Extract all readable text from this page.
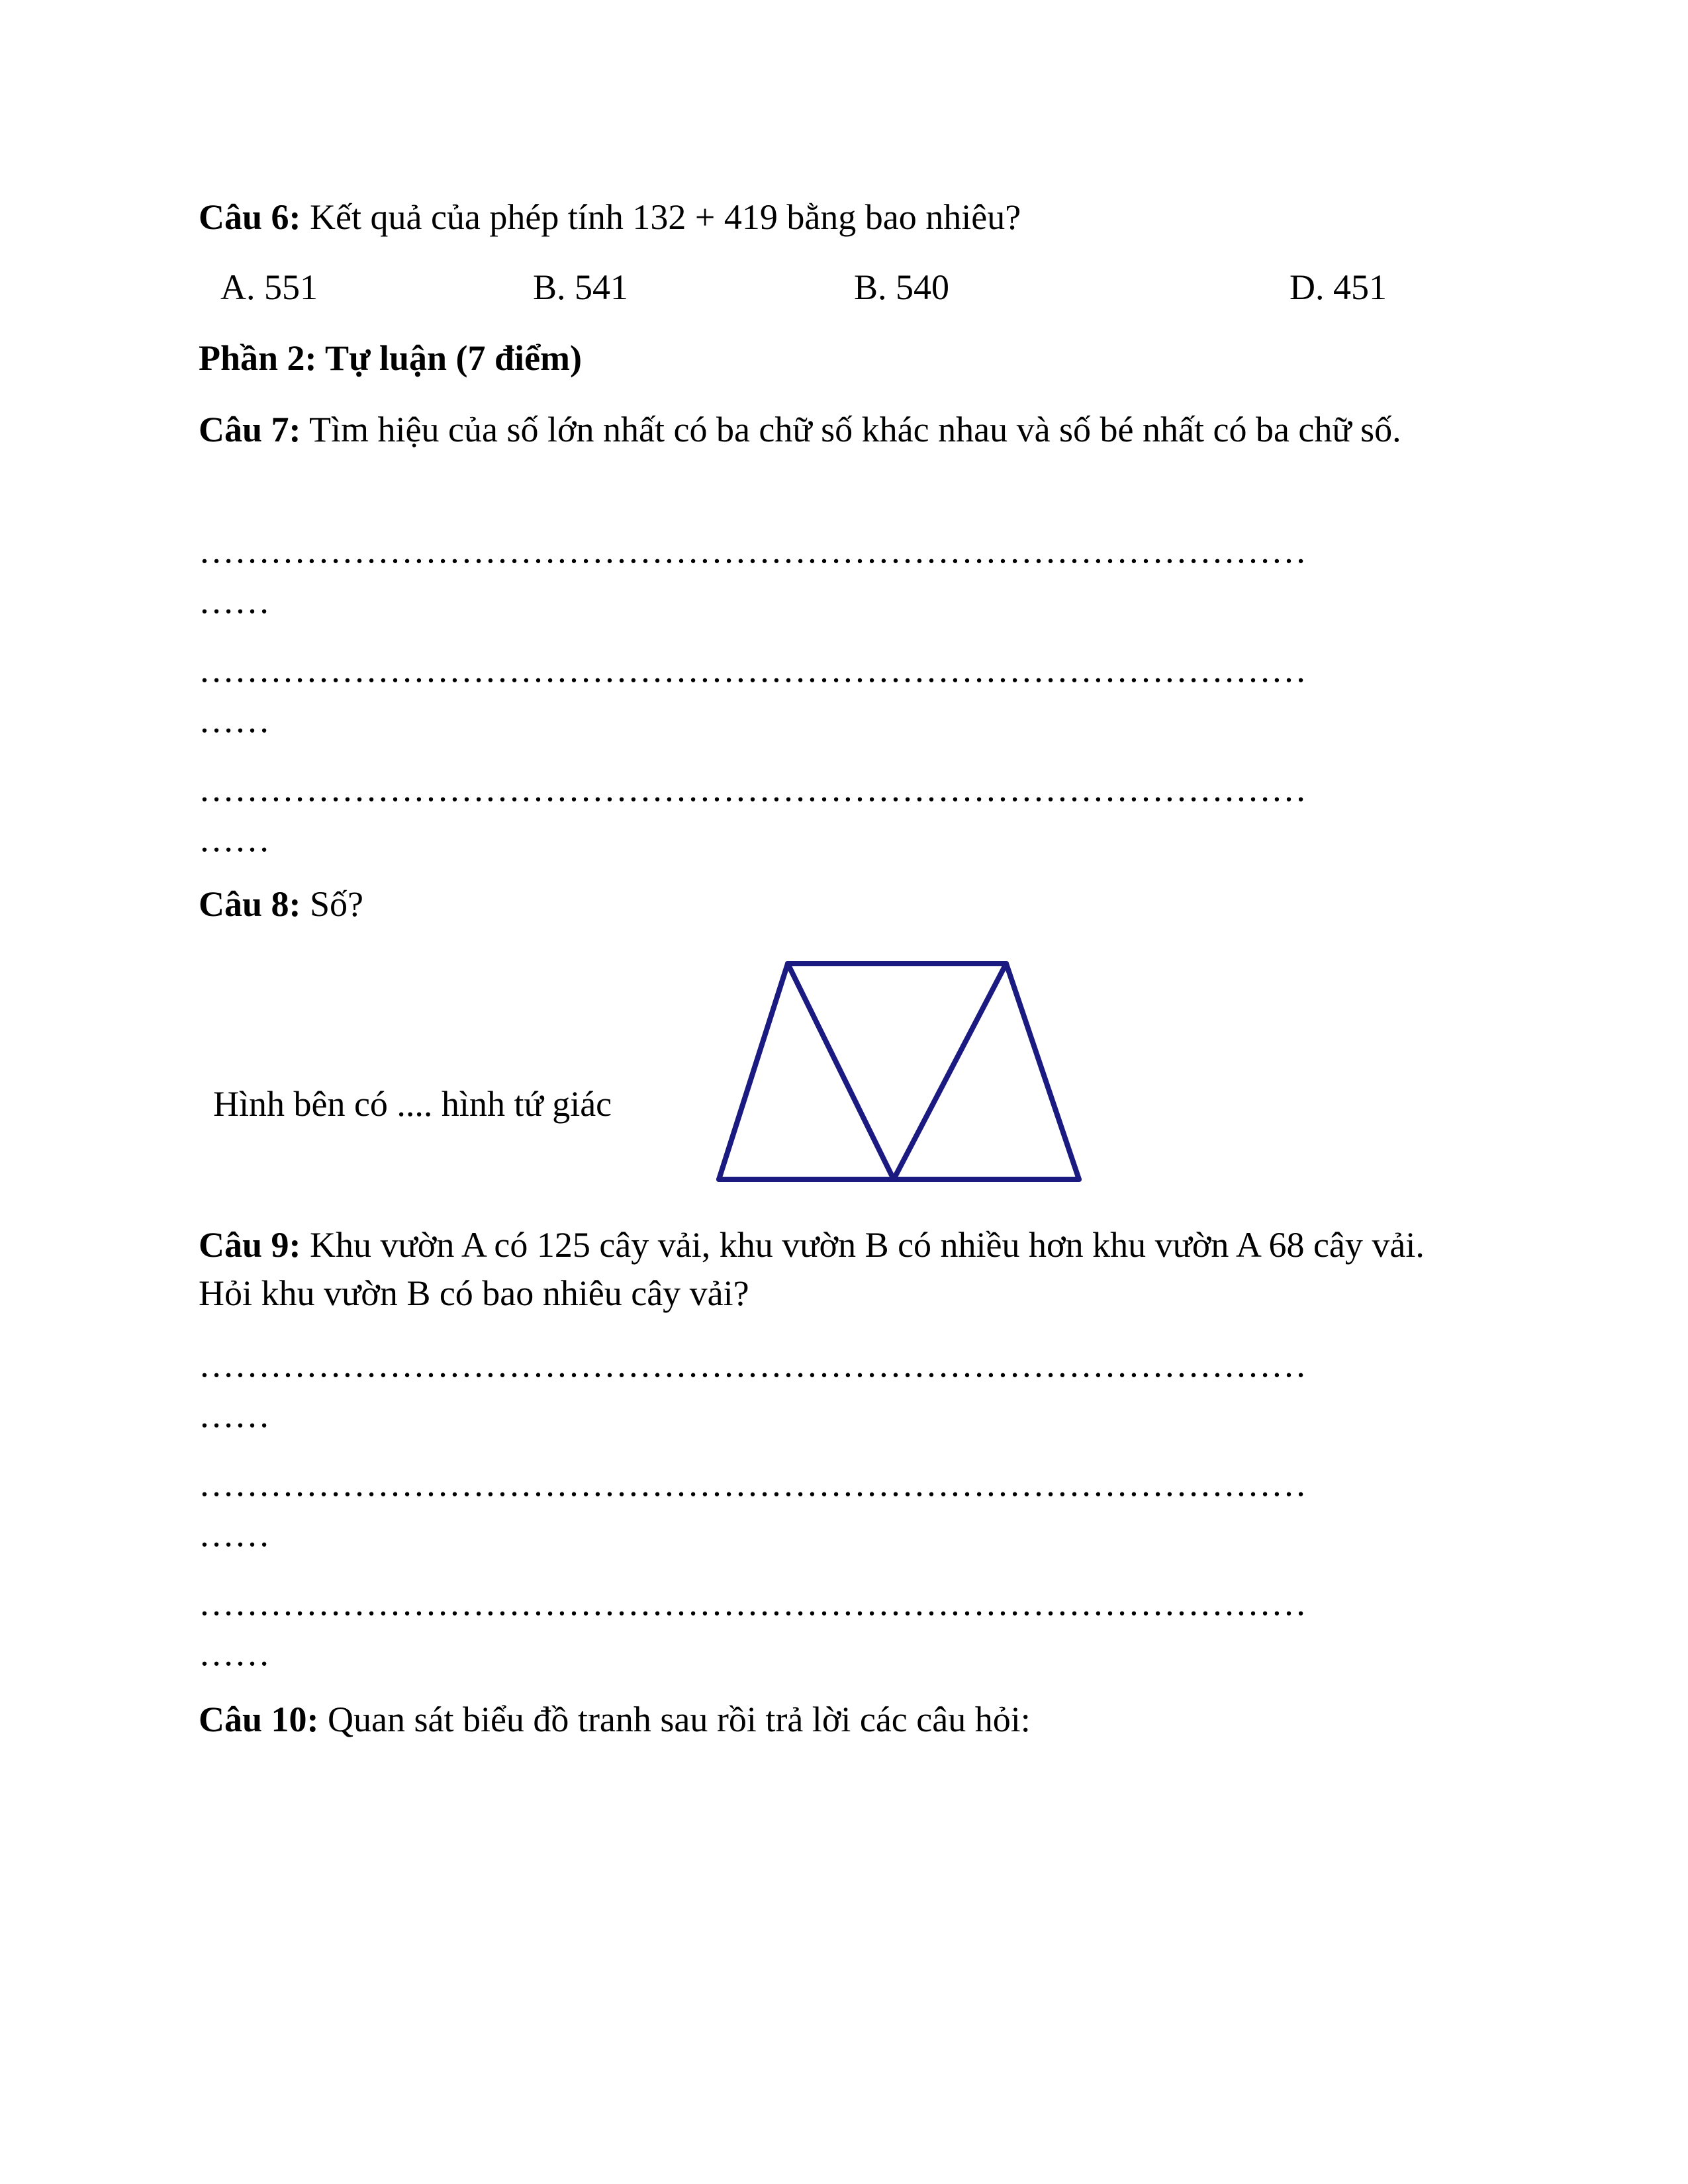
Câu 6: Kết quả của phép tính 132 + 419 bằng bao nhiêu?
A. 551	B. 541	B. 540	D. 451
Phần 2: Tự luận (7 điểm)
Câu 7: Tìm hiệu của số lớn nhất có ba chữ số khác nhau và số bé nhất có ba chữ số.
…………………………………………………………………………………
……
…………………………………………………………………………………
……
…………………………………………………………………………………
……
Câu 8: Số?
Hình bên có .... hình tứ giác
Câu 9: Khu vườn A có 125 cây vải, khu vườn B có nhiều hơn khu vườn A 68 cây vải. Hỏi khu vườn B có bao nhiêu cây vải?
…………………………………………………………………………………
……
…………………………………………………………………………………
……
…………………………………………………………………………………
……
Câu 10: Quan sát biểu đồ tranh sau rồi trả lời các câu hỏi:
